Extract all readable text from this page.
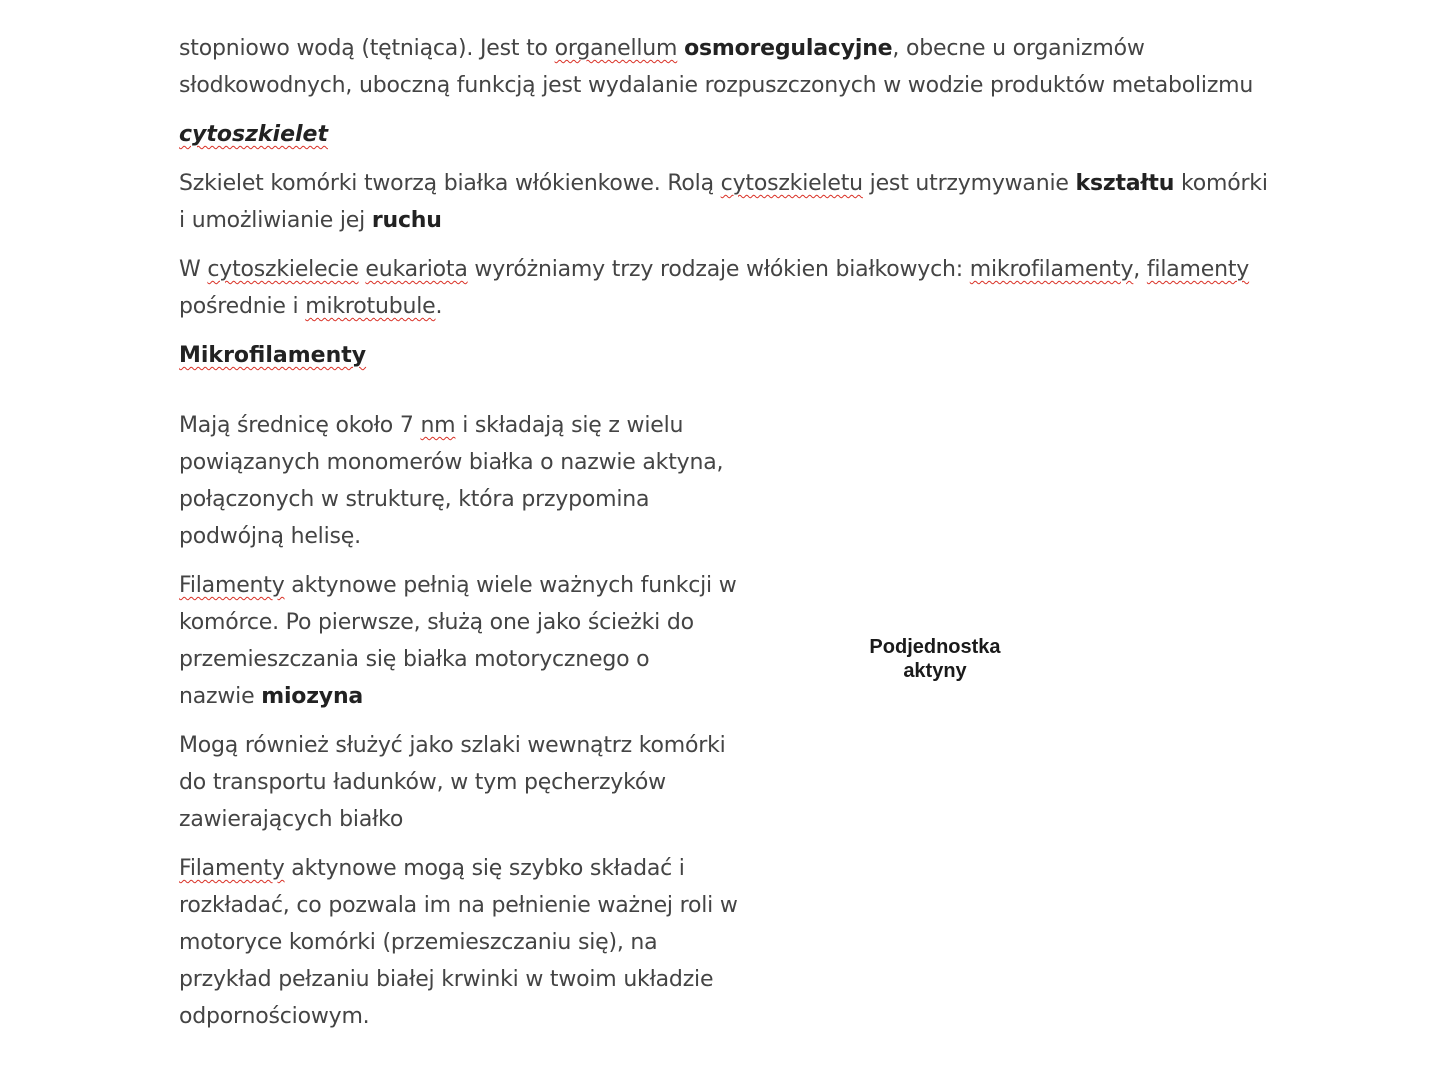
stopniowo wodą (tętniąca). Jest to organellum osmoregulacyjne, obecne u organizmów
słodkowodnych, uboczną funkcją jest wydalanie rozpuszczonych w wodzie produktów metabolizmu

cytoszkielet

Szkielet komórki tworzą białka włókienkowe. Rolą cytoszkieletu jest utrzymywanie kształtu komórki
i umożliwianie jej ruchu

W cytoszkielecie eukariota wyróżniamy trzy rodzaje włókien białkowych: mikrofilamenty, filamenty
pośrednie i mikrotubule.

Mikrofilamenty

Mają średnicę około 7 nm i składają się z wielu
powiązanych monomerów białka o nazwie aktyna,
połączonych w strukturę, która przypomina
podwójną helisę.

Filamenty aktynowe pełnią wiele ważnych funkcji w
komórce. Po pierwsze, służą one jako ścieżki do
przemieszczania się białka motorycznego o
nazwie miozyna

Mogą również służyć jako szlaki wewnątrz komórki
do transportu ładunków, w tym pęcherzyków
zawierających białko

Filamenty aktynowe mogą się szybko składać i
rozkładać, co pozwala im na pełnienie ważnej roli w
motoryce komórki (przemieszczaniu się), na
przykład pełzaniu białej krwinki w twoim układzie
odpornościowym.

Podjednostka
aktyny
